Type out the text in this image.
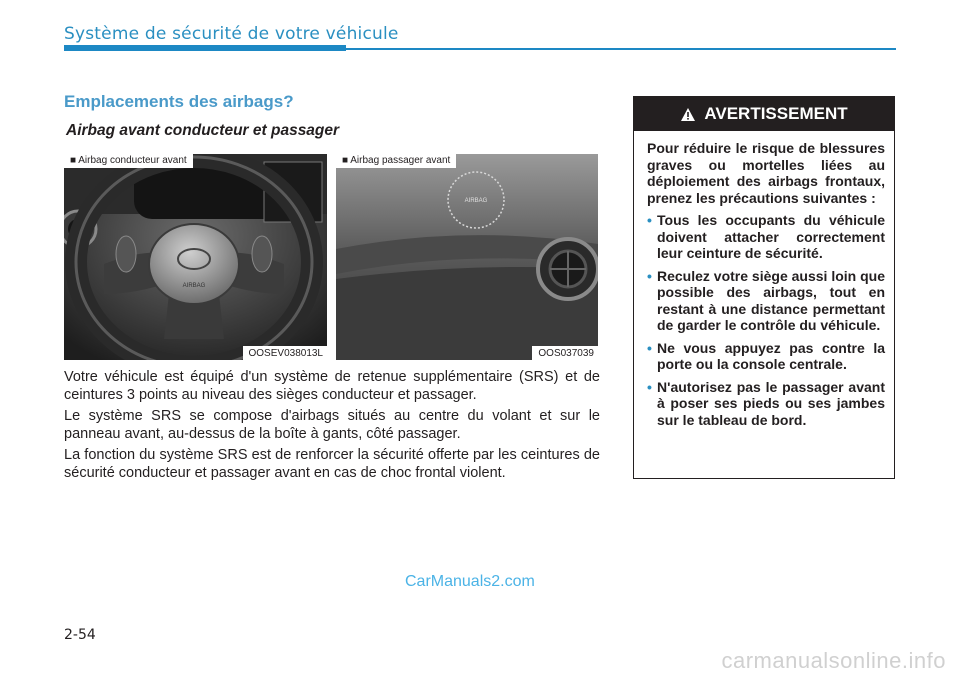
Système de sécurité de votre véhicule
Emplacements des airbags?
Airbag avant conducteur et passager
AIRBAG
■ Airbag conducteur avant
OOSEV038013L
AIRBAG
■ Airbag passager avant
OOS037039

Votre véhicule est équipé d'un système de retenue supplémentaire (SRS) et de ceintures 3 points au niveau des sièges conducteur et passager.

Le système SRS se compose d'airbags situés au centre du volant et sur le panneau avant, au-dessus de la boîte à gants, côté passager.

La fonction du système SRS est de renforcer la sécurité offerte par les ceintures de sécurité conducteur et passager avant en cas de choc frontal violent.

AVERTISSEMENT

Pour réduire le risque de blessures graves ou mortelles liées au déploiement des airbags frontaux, prenez les précautions suivantes :

• Tous les occupants du véhicule doivent attacher correctement leur ceinture de sécurité.
• Reculez votre siège aussi loin que possible des airbags, tout en restant à une distance permettant de garder le contrôle du véhicule.
• Ne vous appuyez pas contre la porte ou la console centrale.
• N'autorisez pas le passager avant à poser ses pieds ou ses jambes sur le tableau de bord.
CarManuals2.com
2-54
carmanualsonline.info
